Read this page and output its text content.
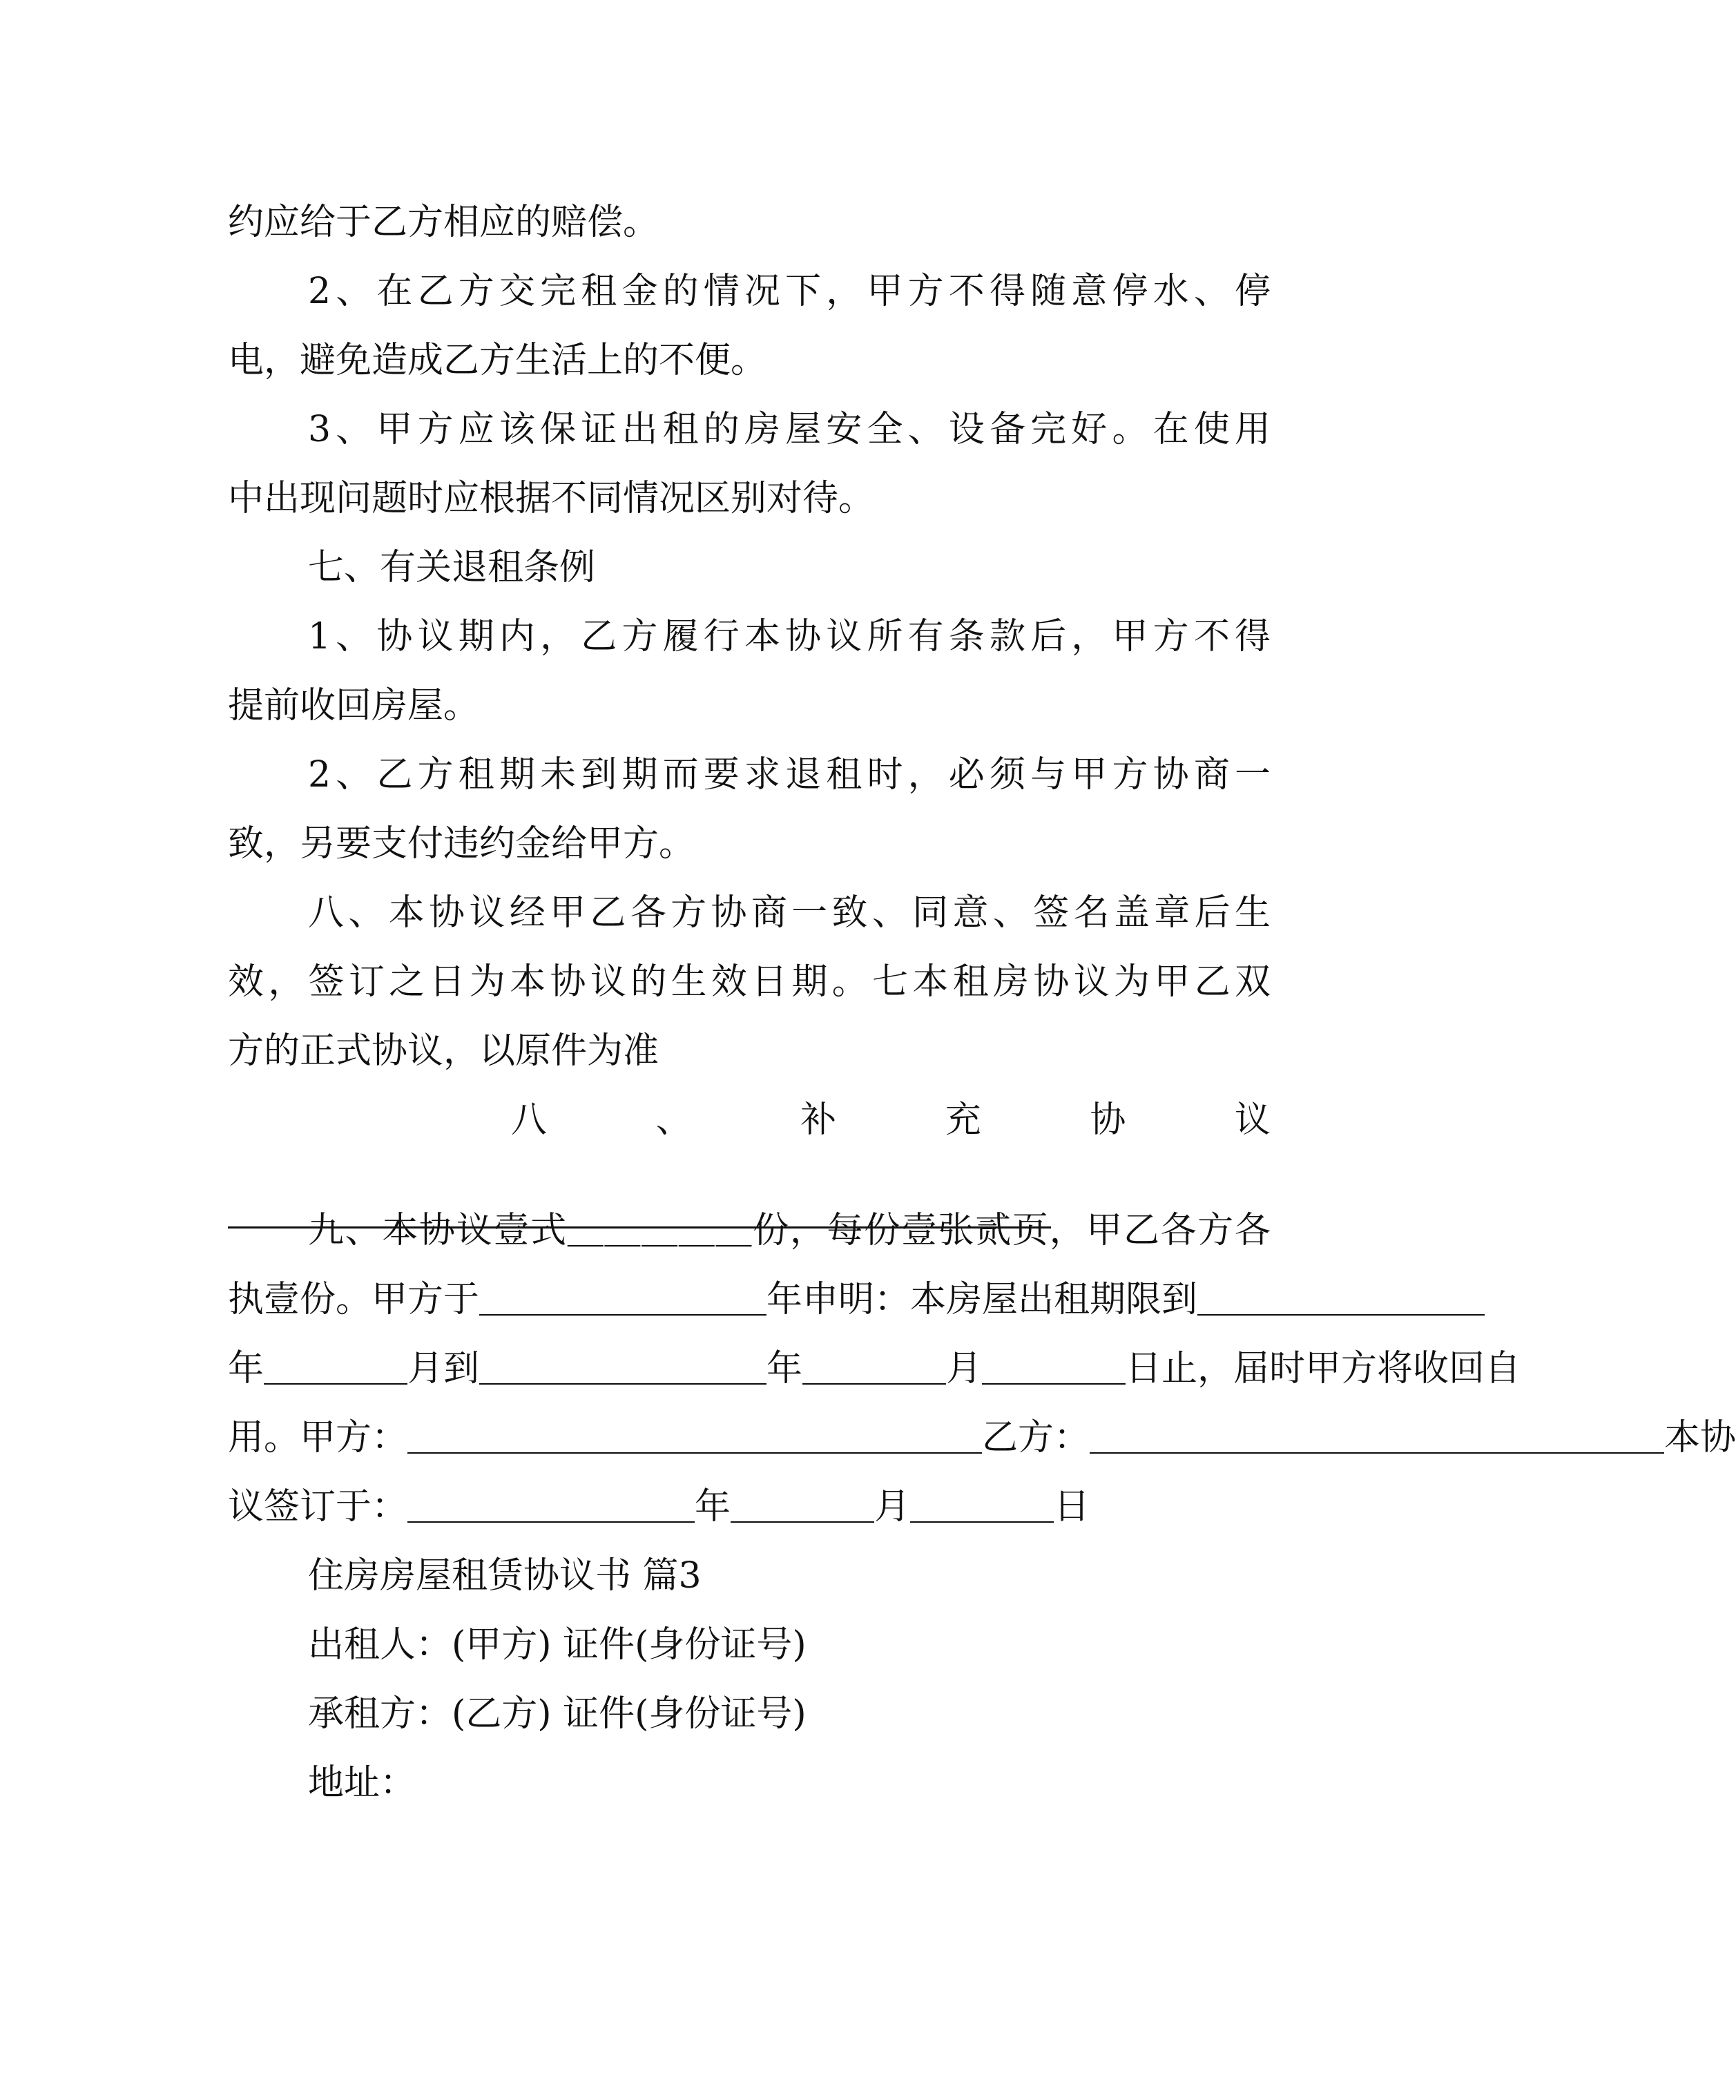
约应给于乙方相应的赔偿。
2、在乙方交完租金的情况下，甲方不得随意停水、停
电，避免造成乙方生活上的不便。
3、甲方应该保证出租的房屋安全、设备完好。在使用
中出现问题时应根据不同情况区别对待。
七、有关退租条例
1、协议期内，乙方履行本协议所有条款后，甲方不得
提前收回房屋。
2、乙方租期未到期而要求退租时，必须与甲方协商一
致，另要支付违约金给甲方。
八、本协议经甲乙各方协商一致、同意、签名盖章后生
效，签订之日为本协议的生效日期。七本租房协议为甲乙双
方的正式协议，以原件为准
八	、	补	充	协	议
九、本协议壹式＿＿＿＿＿份，每份壹张贰页，甲乙各方各
执壹份。甲方于＿＿＿＿＿＿＿＿年申明：本房屋出租期限到＿＿＿＿＿＿＿＿
年＿＿＿＿月到＿＿＿＿＿＿＿＿年＿＿＿＿月＿＿＿＿日止，届时甲方将收回自
用。甲方：＿＿＿＿＿＿＿＿＿＿＿＿＿＿＿＿乙方：＿＿＿＿＿＿＿＿＿＿＿＿＿＿＿＿本协
议签订于：＿＿＿＿＿＿＿＿年＿＿＿＿月＿＿＿＿日
住房房屋租赁协议书 篇3
出租人：(甲方) 证件(身份证号)
承租方：(乙方) 证件(身份证号)
地址：
